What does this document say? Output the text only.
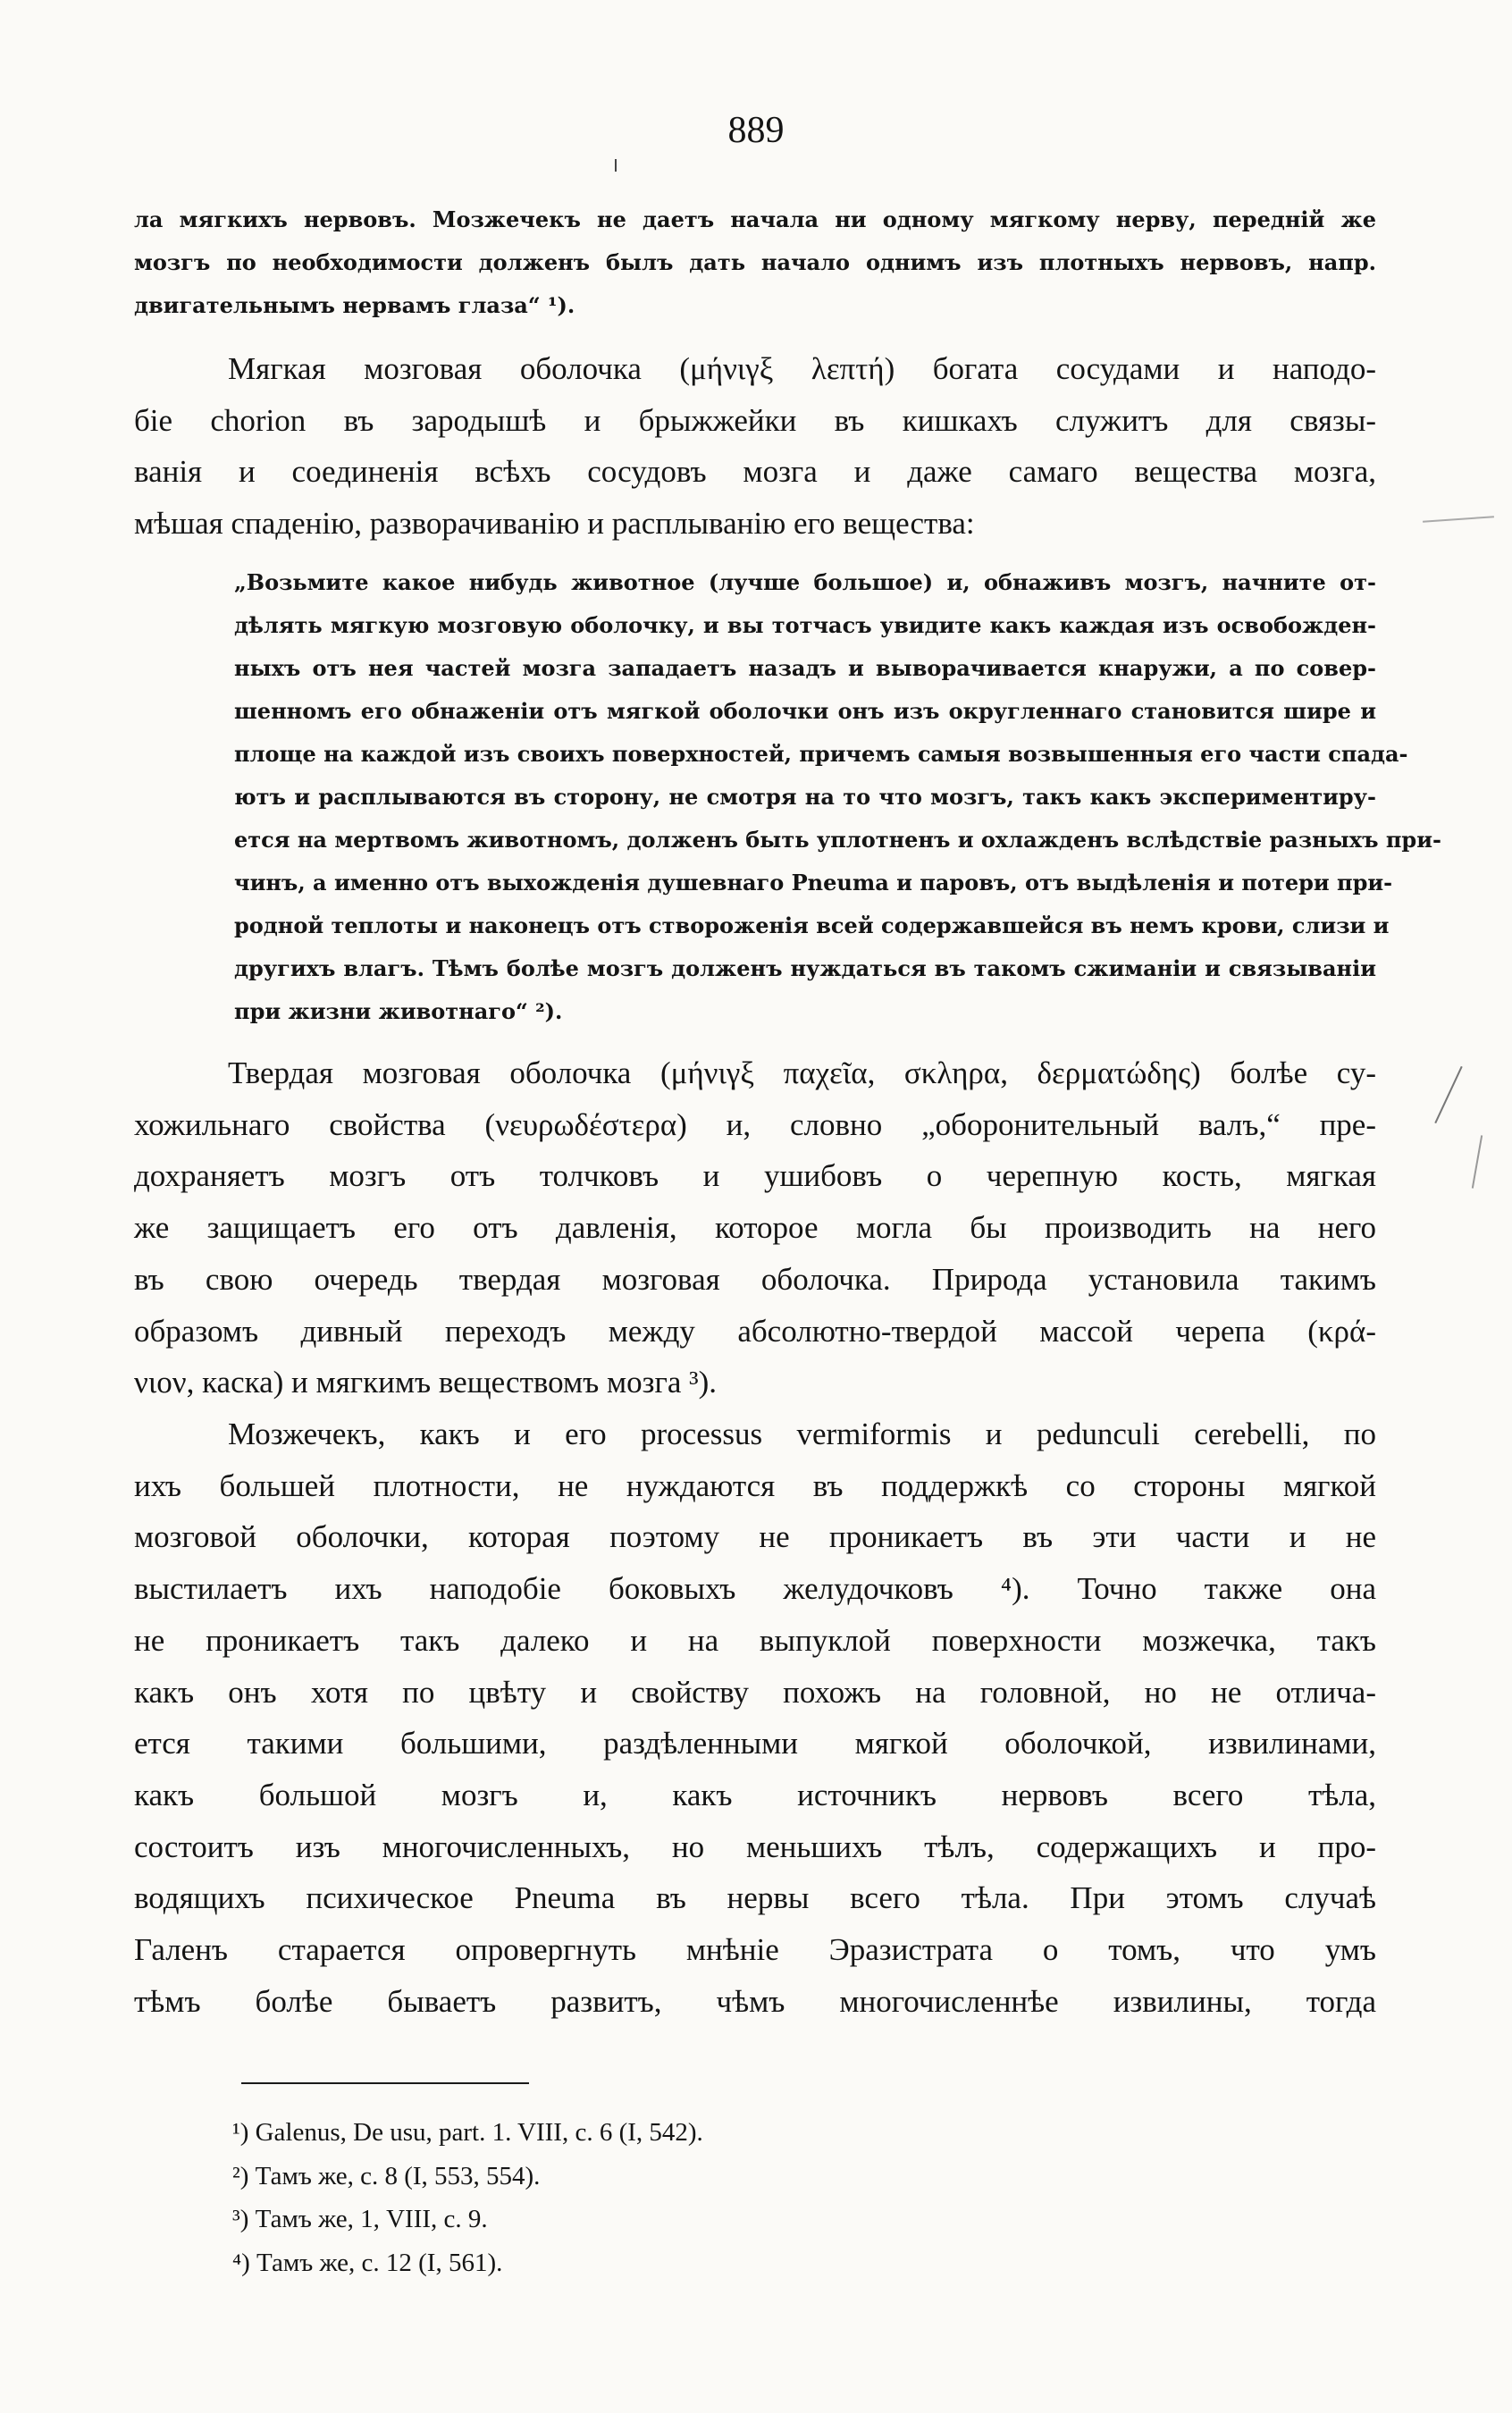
889
ла мягкихъ нервовъ. Мозжечекъ не даетъ начала ни одному мягкому нерву, передній же
мозгъ по необходимости долженъ былъ дать начало однимъ изъ плотныхъ нервовъ, напр.
двигательнымъ нервамъ глаза“ ¹).
Мягкая мозговая оболочка (μήνιγξ λεπτή) богата сосудами и наподо-
біе chorion въ зародышѣ и брыжжейки въ кишкахъ служитъ для связы-
ванія и соединенія всѣхъ сосудовъ мозга и даже самаго вещества мозга,
мѣшая спаденію, разворачиванію и расплыванію его вещества:
„Возьмите какое нибудь животное (лучше большое) и, обнаживъ мозгъ, начните от-
дѣлять мягкую мозговую оболочку, и вы тотчасъ увидите какъ каждая изъ освобожден-
ныхъ отъ нея частей мозга западаетъ назадъ и выворачивается кнаружи, а по совер-
шенномъ его обнаженіи отъ мягкой оболочки онъ изъ округленнаго становится шире и
площе на каждой изъ своихъ поверхностей, причемъ самыя возвышенныя его части спада-
ютъ и расплываются въ сторону, не смотря на то что мозгъ, такъ какъ экспериментиру-
ется на мертвомъ животномъ, долженъ быть уплотненъ и охлажденъ вслѣдствіе разныхъ при-
чинъ, а именно отъ выхожденія душевнаго Pneuma и паровъ, отъ выдѣленія и потери при-
родной теплоты и наконецъ отъ створоженія всей содержавшейся въ немъ крови, слизи и
другихъ влагъ. Тѣмъ болѣе мозгъ долженъ нуждаться въ такомъ сжиманіи и связываніи
при жизни животнаго“ ²).
Твердая мозговая оболочка (μήνιγξ παχεῖα, σκληρα, δερματώδης) болѣе су-
хожильнаго свойства (νευρωδέστερα) и, словно „оборонительный валъ,“ пре-
дохраняетъ мозгъ отъ толчковъ и ушибовъ о черепную кость, мягкая
же защищаетъ его отъ давленія, которое могла бы производить на него
въ свою очередь твердая мозговая оболочка. Природа установила такимъ
образомъ дивный переходъ между абсолютно-твердой массой черепа (κρά-
νιον, каска) и мягкимъ веществомъ мозга ³).
Мозжечекъ, какъ и его processus vermiformis и pedunculi cerebelli, по
ихъ большей плотности, не нуждаются въ поддержкѣ со стороны мягкой
мозговой оболочки, которая поэтому не проникаетъ въ эти части и не
выстилаетъ ихъ наподобіе боковыхъ желудочковъ ⁴). Точно также она
не проникаетъ такъ далеко и на выпуклой поверхности мозжечка, такъ
какъ онъ хотя по цвѣту и свойству похожъ на головной, но не отлича-
ется такими большими, раздѣленными мягкой оболочкой, извилинами,
какъ большой мозгъ и, какъ источникъ нервовъ всего тѣла,
состоитъ изъ многочисленныхъ, но меньшихъ тѣлъ, содержащихъ и про-
водящихъ психическое Pneuma въ нервы всего тѣла. При этомъ случаѣ
Галенъ старается опровергнуть мнѣніе Эразистрата о томъ, что умъ
тѣмъ болѣе бываетъ развитъ, чѣмъ многочисленнѣе извилины, тогда
¹) Galenus, De usu, part. 1. VIII, c. 6 (I, 542).
²) Тамъ же, с. 8 (I, 553, 554).
³) Тамъ же, 1, VIII, с. 9.
⁴) Тамъ же, с. 12 (I, 561).
